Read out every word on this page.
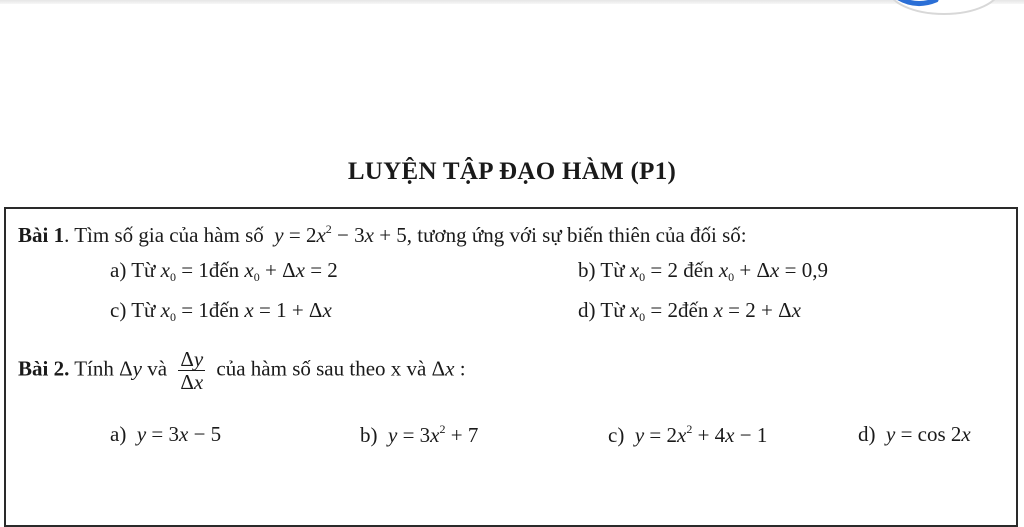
LUYỆN TẬP ĐẠO HÀM (P1)
Bài 1. Tìm số gia của hàm số  $y = 2x^2 - 3x + 5$, tương ứng với sự biến thiên của đối số:
a) Từ $x_0$ = 1đến $x_0 + \Delta x = 2$	b) Từ $x_0 = 2$ đến $x_0 + \Delta x = 0,9$
c) Từ $x_0$ = 1đến x = 1 + Δx	d) Từ $x_0$ = 2đến x = 2 + Δx
Bài 2. Tính Δy và $\frac{\Delta y}{\Delta x}$ của hàm số sau theo x và Δx :
a)  y = 3x − 5	b)  $y = 3x^2 + 7$	c)  $y = 2x^2 + 4x - 1$	d)  y = cos 2x
